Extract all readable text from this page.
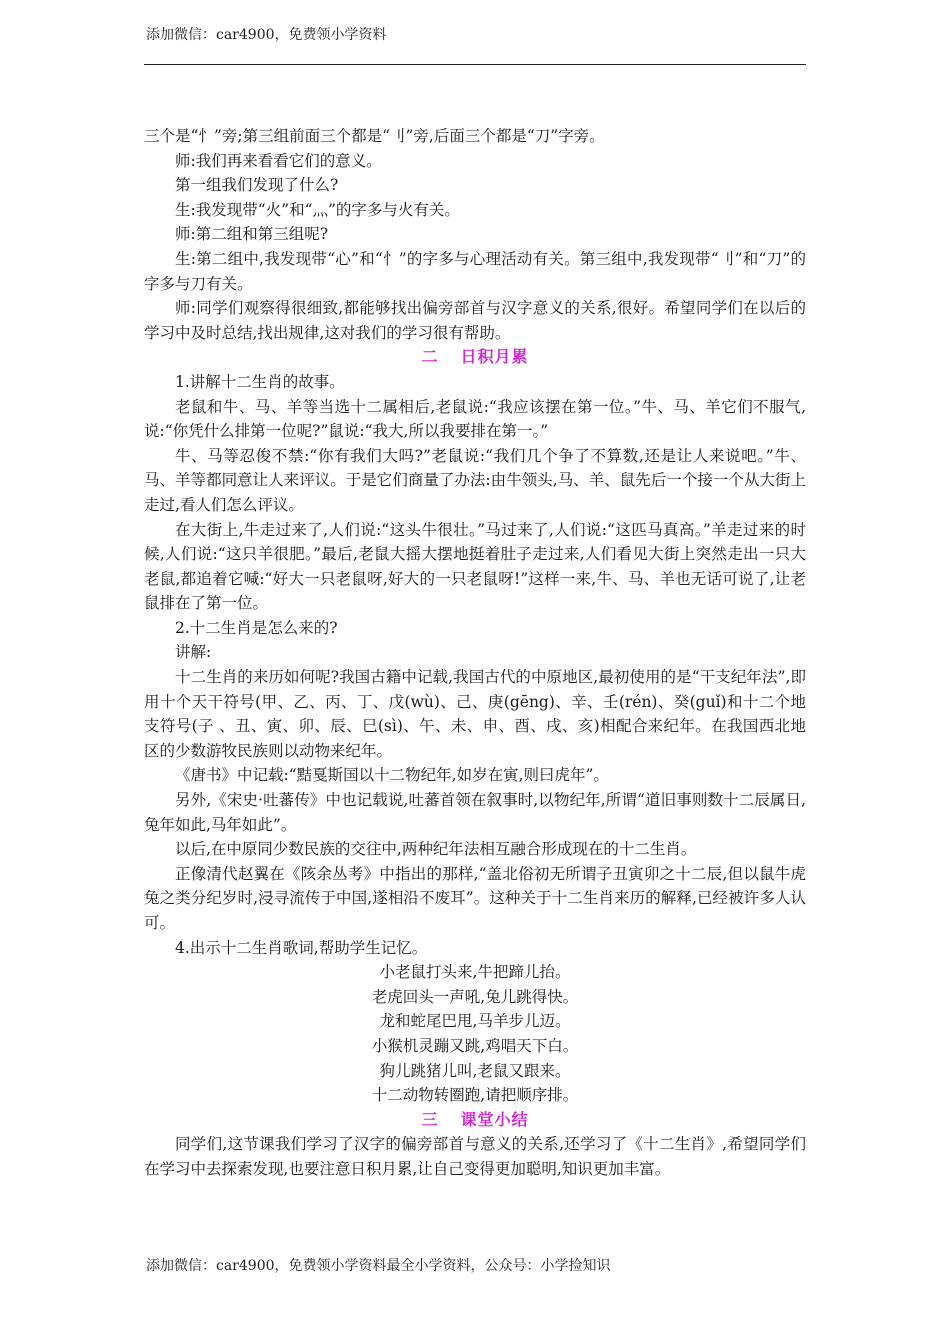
添加微信：car4900，免费领小学资料

三个是“忄”旁;第三组前面三个都是“刂”旁,后面三个都是“刀”字旁。

师:我们再来看看它们的意义。

第一组我们发现了什么?

生:我发现带“火”和“灬”的字多与火有关。

师:第二组和第三组呢?

生:第二组中,我发现带“心”和“忄”的字多与心理活动有关。第三组中,我发现带“刂”和“刀”的字多与刀有关。

师:同学们观察得很细致,都能够找出偏旁部首与汉字意义的关系,很好。希望同学们在以后的学习中及时总结,找出规律,这对我们的学习很有帮助。

二 日积月累

1.讲解十二生肖的故事。

老鼠和牛、马、羊等当选十二属相后,老鼠说:“我应该摆在第一位。”牛、马、羊它们不服气,说:“你凭什么排第一位呢?”鼠说:“我大,所以我要排在第一。”

牛、马等忍俊不禁:“你有我们大吗?”老鼠说:“我们几个争了不算数,还是让人来说吧。”牛、马、羊等都同意让人来评议。于是它们商量了办法:由牛领头,马、羊、鼠先后一个接一个从大街上走过,看人们怎么评议。

在大街上,牛走过来了,人们说:“这头牛很壮。”马过来了,人们说:“这匹马真高。”羊走过来的时候,人们说:“这只羊很肥。”最后,老鼠大摇大摆地挺着肚子走过来,人们看见大街上突然走出一只大老鼠,都追着它喊:“好大一只老鼠呀,好大的一只老鼠呀!”这样一来,牛、马、羊也无话可说了,让老鼠排在了第一位。

2.十二生肖是怎么来的?

讲解:

十二生肖的来历如何呢?我国古籍中记载,我国古代的中原地区,最初使用的是“干支纪年法”,即用十个天干符号(甲、乙、丙、丁、戊(wù)、己、庚(gēng)、辛、壬(rén)、癸(guǐ)和十二个地支符号(子 、丑、寅、卯、辰、巳(sì)、午、未、申、酉、戌、亥)相配合来纪年。在我国西北地区的少数游牧民族则以动物来纪年。

《唐书》中记载:“黠戛斯国以十二物纪年,如岁在寅,则曰虎年”。

另外,《宋史·吐蕃传》中也记载说,吐蕃首领在叙事时,以物纪年,所谓“道旧事则数十二辰属日,兔年如此,马年如此”。

以后,在中原同少数民族的交往中,两种纪年法相互融合形成现在的十二生肖。

正像清代赵翼在《陔余丛考》中指出的那样,“盖北俗初无所谓子丑寅卯之十二辰,但以鼠牛虎兔之类分纪岁时,浸寻流传于中国,遂相沿不废耳”。这种关于十二生肖来历的解释,已经被许多人认可。

4.出示十二生肖歌词,帮助学生记忆。

小老鼠打头来,牛把蹄儿抬。

老虎回头一声吼,兔儿跳得快。

龙和蛇尾巴甩,马羊步儿迈。

小猴机灵蹦又跳,鸡唱天下白。

狗儿跳猪儿叫,老鼠又跟来。

十二动物转圈跑,请把顺序排。

三 课堂小结

同学们,这节课我们学习了汉字的偏旁部首与意义的关系,还学习了《十二生肖》,希望同学们在学习中去探索发现,也要注意日积月累,让自己变得更加聪明,知识更加丰富。

添加微信：car4900，免费领小学资料最全小学资料，公众号：小学捡知识
